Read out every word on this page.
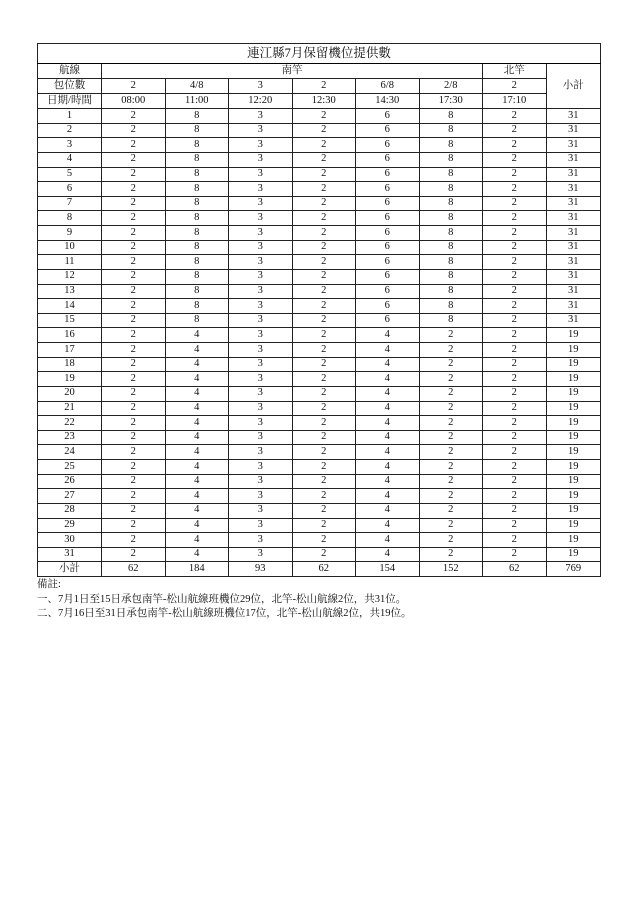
連江縣7月保留機位提供數								
航線	南竿						北竿	小計
包位數	2	4/8	3	2	6/8	2/8	2	
日期/時間	08:00	11:00	12:20	12:30	14:30	17:30	17:10	
1	2	8	3	2	6	8	2	31
2	2	8	3	2	6	8	2	31
3	2	8	3	2	6	8	2	31
4	2	8	3	2	6	8	2	31
5	2	8	3	2	6	8	2	31
6	2	8	3	2	6	8	2	31
7	2	8	3	2	6	8	2	31
8	2	8	3	2	6	8	2	31
9	2	8	3	2	6	8	2	31
10	2	8	3	2	6	8	2	31
11	2	8	3	2	6	8	2	31
12	2	8	3	2	6	8	2	31
13	2	8	3	2	6	8	2	31
14	2	8	3	2	6	8	2	31
15	2	8	3	2	6	8	2	31
16	2	4	3	2	4	2	2	19
17	2	4	3	2	4	2	2	19
18	2	4	3	2	4	2	2	19
19	2	4	3	2	4	2	2	19
20	2	4	3	2	4	2	2	19
21	2	4	3	2	4	2	2	19
22	2	4	3	2	4	2	2	19
23	2	4	3	2	4	2	2	19
24	2	4	3	2	4	2	2	19
25	2	4	3	2	4	2	2	19
26	2	4	3	2	4	2	2	19
27	2	4	3	2	4	2	2	19
28	2	4	3	2	4	2	2	19
29	2	4	3	2	4	2	2	19
30	2	4	3	2	4	2	2	19
31	2	4	3	2	4	2	2	19
小計	62	184	93	62	154	152	62	769
備註:
一、7月1日至15日承包南竿-松山航線班機位29位，北竿-松山航線2位，共31位。
二、7月16日至31日承包南竿-松山航線班機位17位，北竿-松山航線2位，共19位。
